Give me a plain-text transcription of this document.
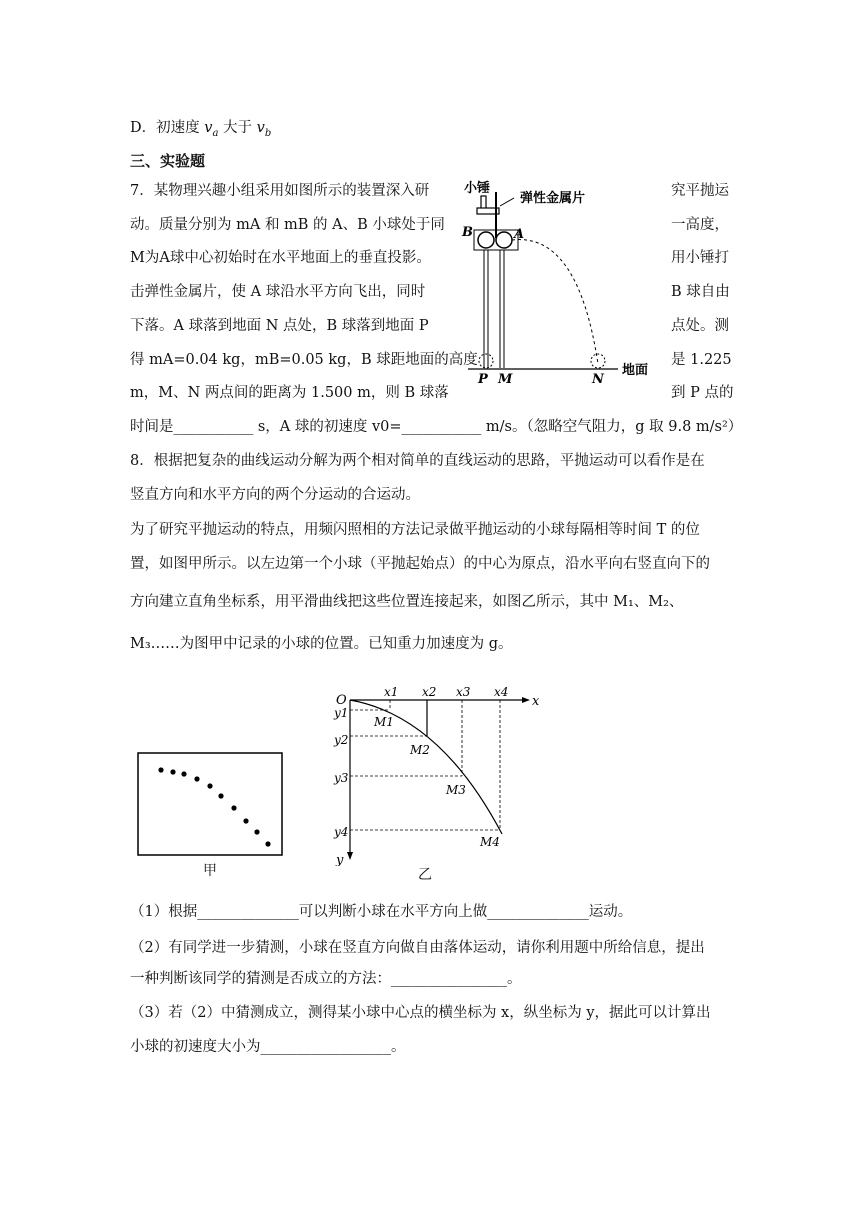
D．初速度 $v_a$ 大于 $v_b$
三、实验题
7．某物理兴趣小组采用如图所示的装置深入研
动。质量分别为 mA 和 mB 的 A、B 小球处于同
M为A球中心初始时在水平地面上的垂直投影。
击弹性金属片，使 A 球沿水平方向飞出，同时
下落。A 球落到地面 N 点处，B 球落到地面 P
得 mA=0.04 kg，mB=0.05 kg，B 球距地面的高度
m，M、N 两点间的距离为 1.500 m，则 B 球落
究平抛运
一高度，
用小锤打
B 球自由
点处。测
是 1.225
到 P 点的
小锤
弹性金属片
B	A
P M	N
地面
时间是___________ s，A 球的初速度 v0=___________ m/s。（忽略空气阻力，g 取 9.8 m/s²）
8．根据把复杂的曲线运动分解为两个相对简单的直线运动的思路，平抛运动可以看作是在
竖直方向和水平方向的两个分运动的合运动。
为了研究平抛运动的特点，用频闪照相的方法记录做平抛运动的小球每隔相等时间 T 的位
置，如图甲所示。以左边第一个小球（平抛起始点）的中心为原点，沿水平向右竖直向下的
方向建立直角坐标系，用平滑曲线把这些位置连接起来，如图乙所示，其中 M₁、M₂、
M₃……为图甲中记录的小球的位置。已知重力加速度为 g。
甲
O	x
y
x1 x2 x3 x4
y1
y2
y3
y4
M1
M2
M3
M4
乙
（1）根据______________可以判断小球在水平方向上做______________运动。
（2）有同学进一步猜测，小球在竖直方向做自由落体运动，请你利用题中所给信息，提出
一种判断该同学的猜测是否成立的方法：________________。
（3）若（2）中猜测成立，测得某小球中心点的横坐标为 x，纵坐标为 y，据此可以计算出
小球的初速度大小为__________________。
